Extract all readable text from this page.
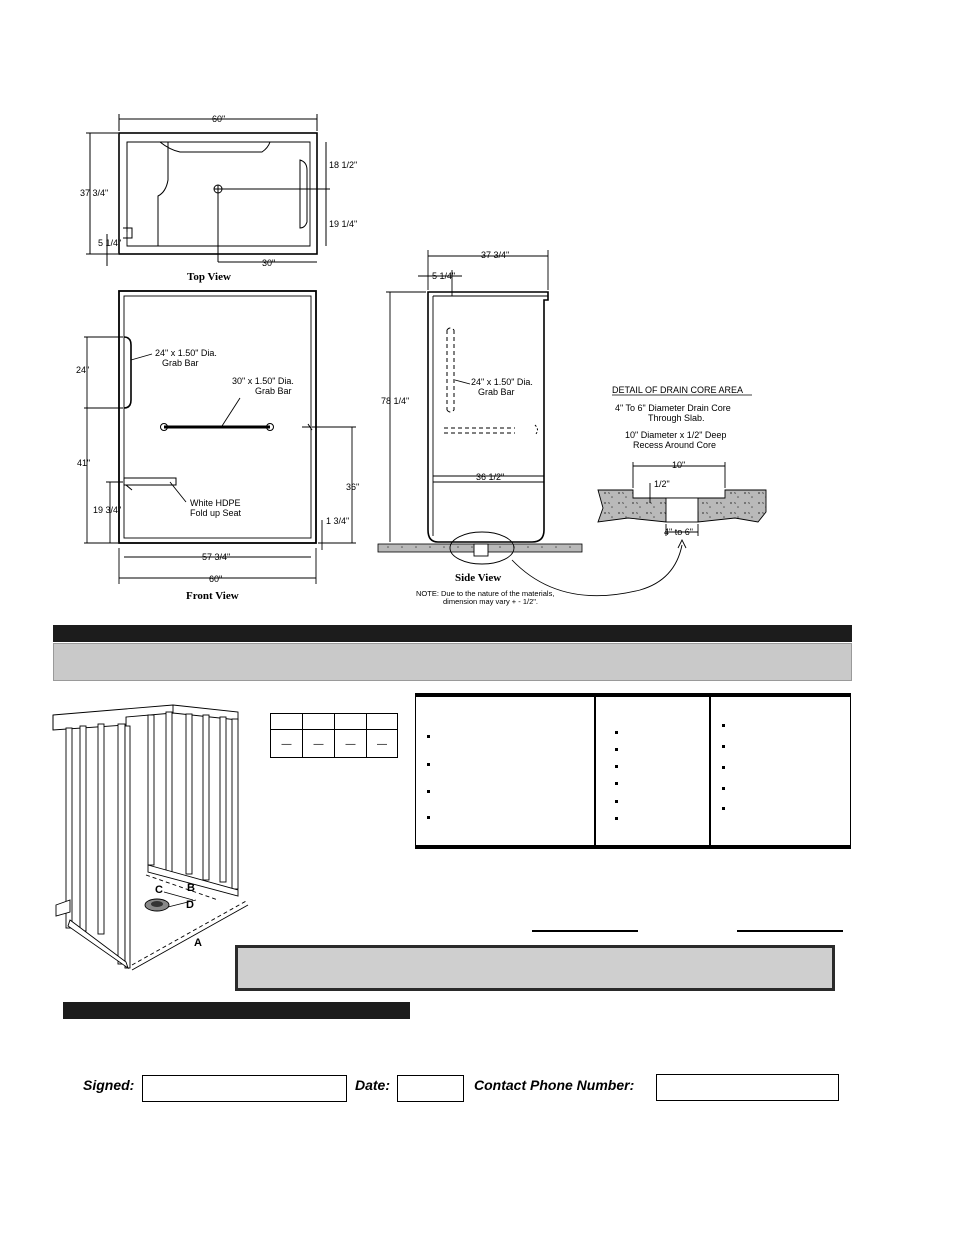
60"
37 3/4"
18 1/2"
19 1/4"
5 1/4"
30"
Top View
24"
41"
19 3/4"
36"
1 3/4"
57 3/4"
60"
24" x 1.50" Dia.
Grab Bar
30" x 1.50" Dia.
Grab Bar
White HDPE
Fold up Seat
Front View
37 3/4"
5 1/4"
78 1/4"
36 1/2"
24" x 1.50" Dia.
Grab Bar
Side View
NOTE: Due to the nature of the materials,
dimension may vary + - 1/2".
DETAIL OF DRAIN CORE AREA
4" To 6" Diameter Drain Core
Through Slab.
10" Diameter x 1/2" Deep
Recess Around Core
10"
1/2"
4" to 6"
A
B
C
D
—	—	—	—
Signed:	Date:	Contact Phone Number:
